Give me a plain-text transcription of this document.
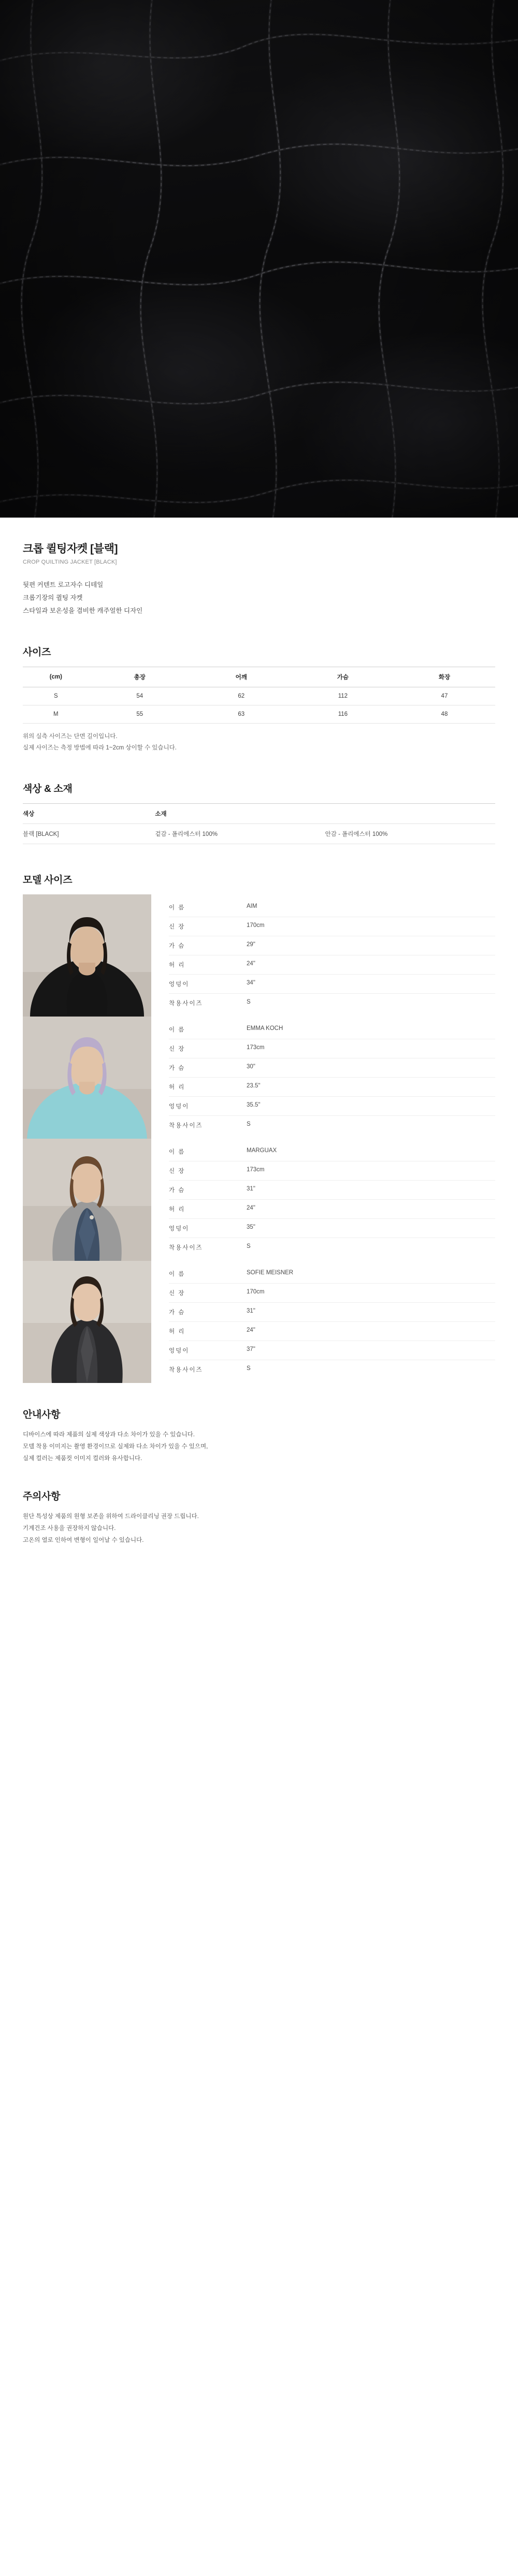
크롭 퀼팅자켓 [블랙]
CROP QUILTING JACKET [BLACK]
뒷편 커텐트 로고자수 디테일
크롭기장의 퀼팅 자켓
스타일과 보온성을 겸비한 캐주얼한 디자인
사이즈
(cm)	총장	어깨	가슴	화장
S	54	62	112	47
M	55	63	116	48
위의 실측 사이즈는 단면 길이입니다.
실제 사이즈는 측정 방법에 따라 1~2cm 상이할 수 있습니다.
색상 & 소재
색상	소재
블랙 [BLACK]	겉감 - 폴리에스터 100%	안감 - 폴리에스터 100%
모델 사이즈
이 름	AIM
신 장	170cm
가 슴	29"
허 리	24"
엉덩이	34"
착용사이즈	S
이 름	EMMA KOCH
신 장	173cm
가 슴	30"
허 리	23.5"
엉덩이	35.5"
착용사이즈	S
이 름	MARGUAX
신 장	173cm
가 슴	31"
허 리	24"
엉덩이	35"
착용사이즈	S
이 름	SOFIE MEISNER
신 장	170cm
가 슴	31"
허 리	24"
엉덩이	37"
착용사이즈	S
안내사항
디바이스에 따라 제품의 실제 색상과 다소 차이가 있을 수 있습니다.
모델 착용 이미지는 촬영 환경이므로 실제와 다소 차이가 있을 수 있으며,
실제 컬러는 제품컷 이미지 컬러와 유사합니다.
주의사항
원단 특성상 제품의 원형 보존을 위하여 드라이클리닝 권장 드립니다.
기계건조 사용을 권장하지 않습니다.
고온의 열로 인하여 변형이 일어날 수 있습니다.
